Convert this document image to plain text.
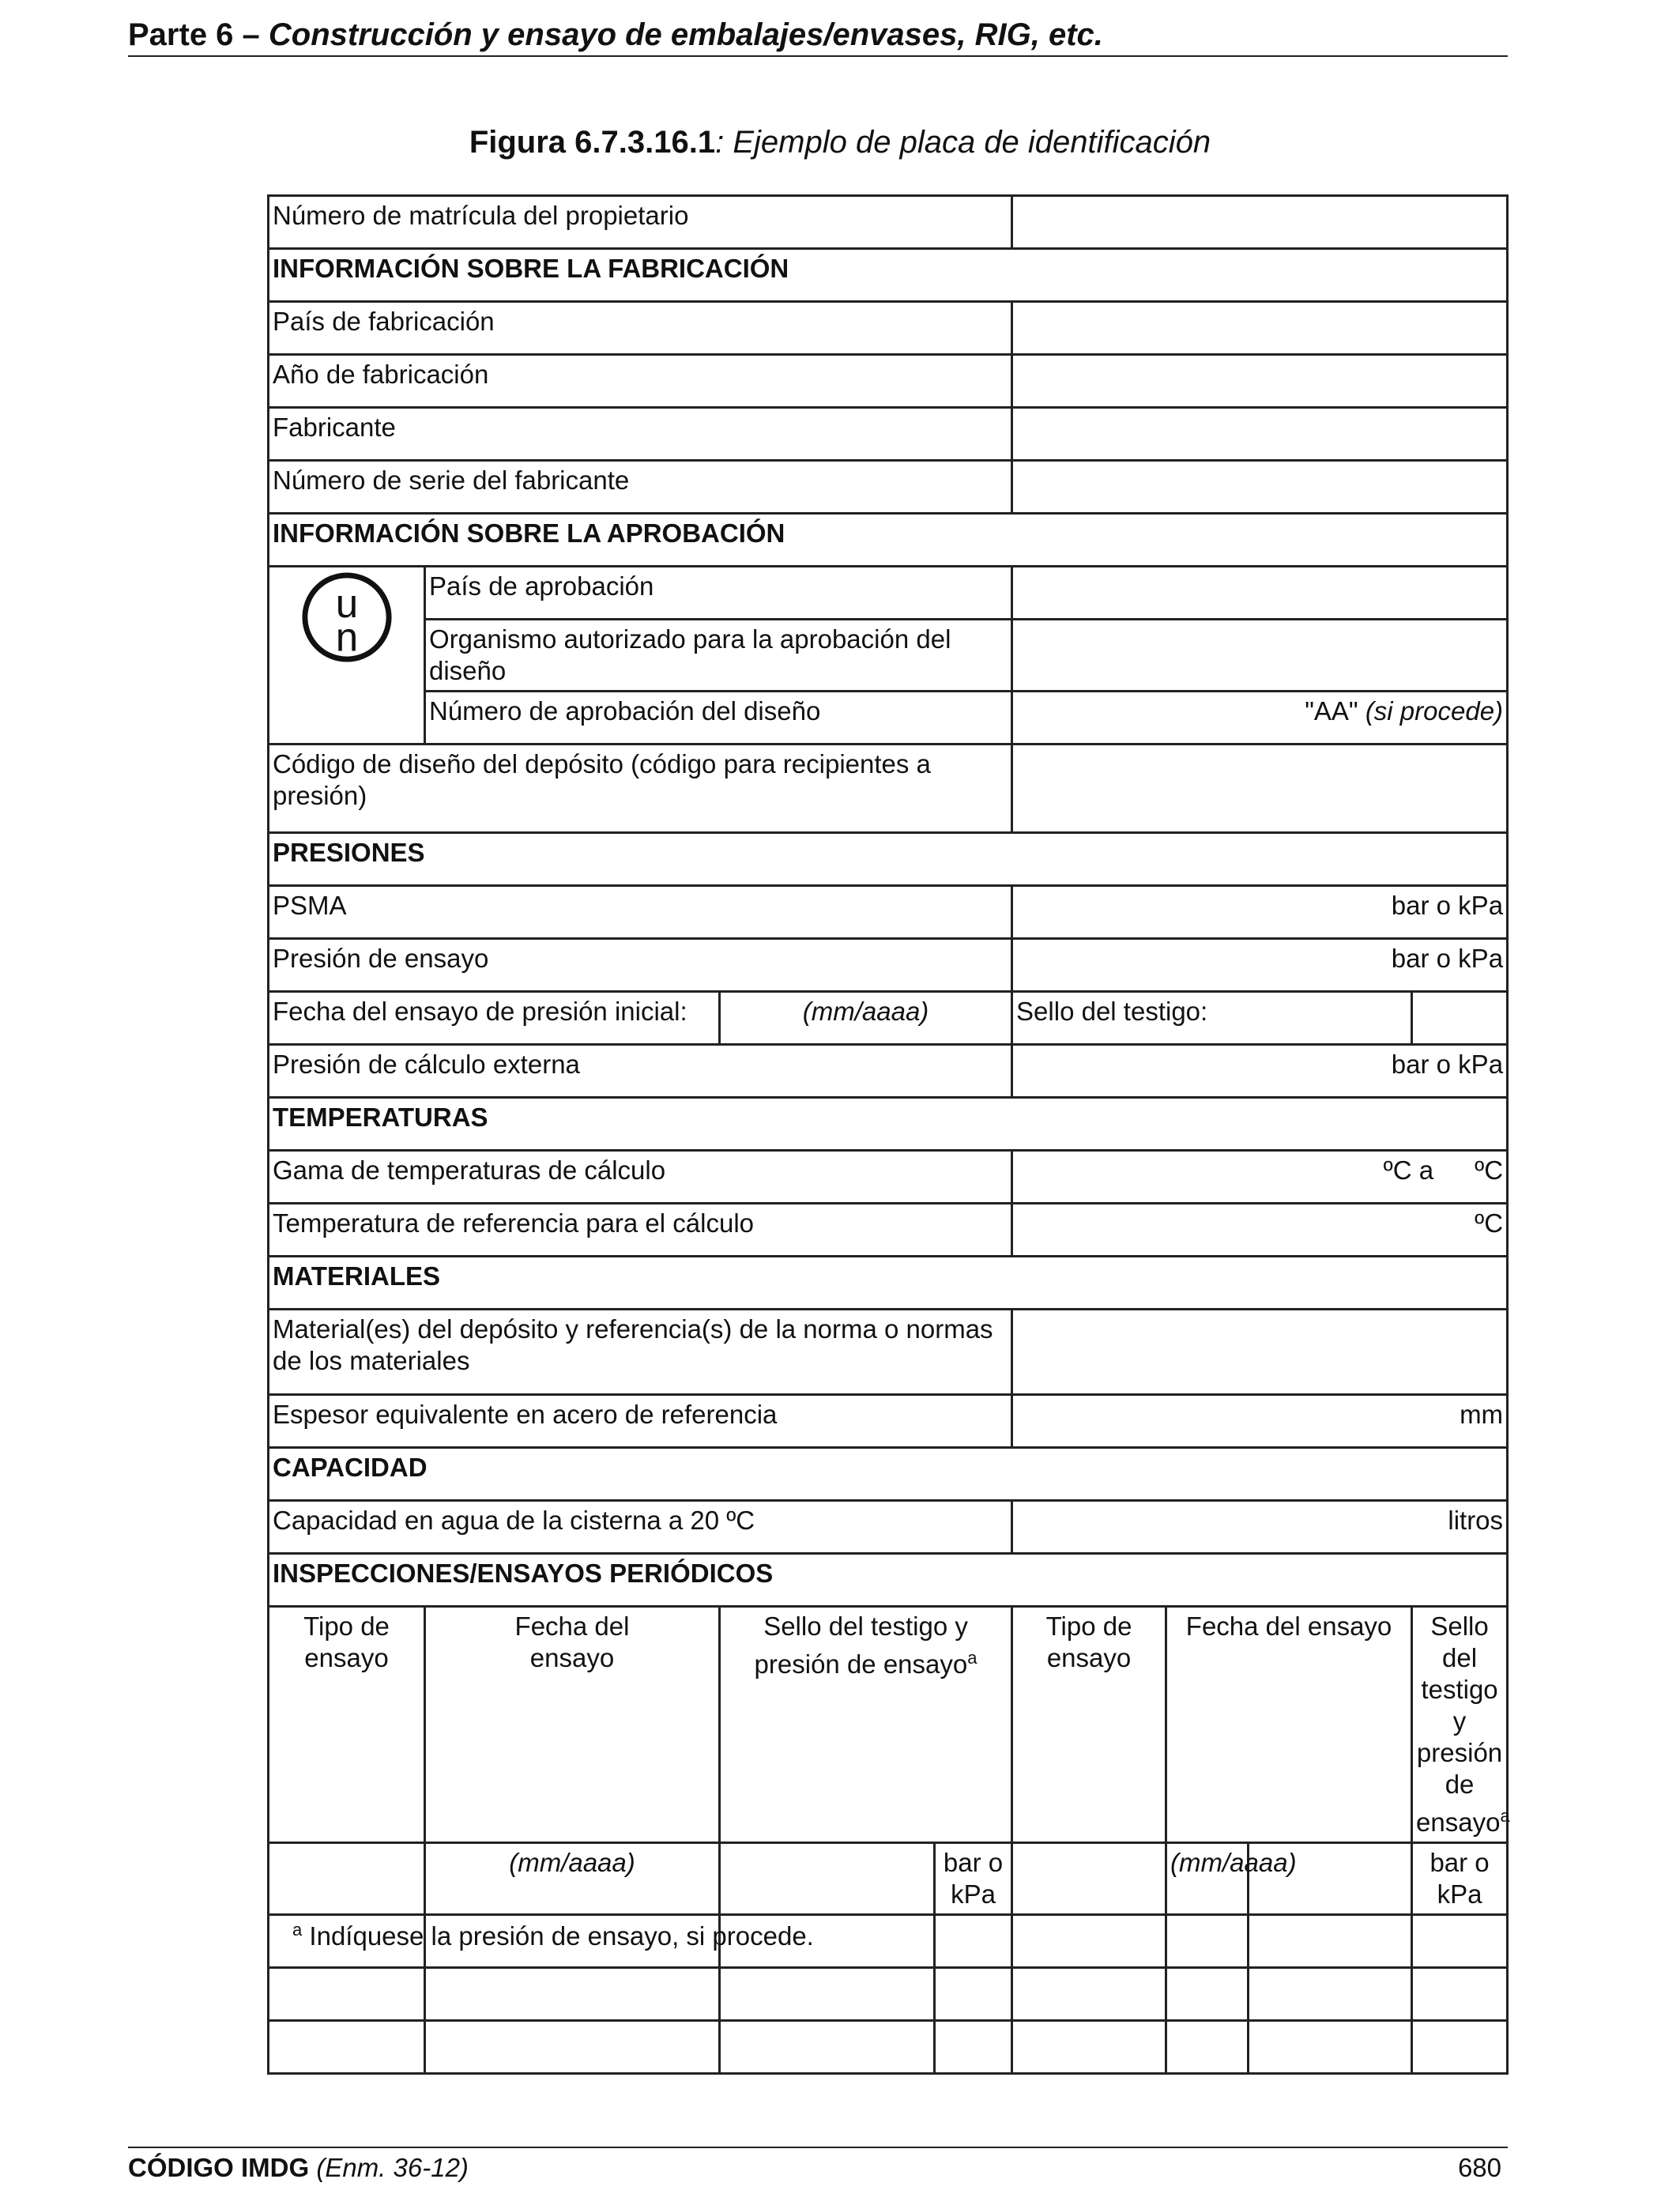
Parte 6 – Construcción y ensayo de embalajes/envases, RIG, etc.
Figura 6.7.3.16.1: Ejemplo de placa de identificación
Número de matrícula del propietario							
INFORMACIÓN SOBRE LA FABRICACIÓN							
País de fabricación							
Año de fabricación							
Fabricante							
Número de serie del fabricante							
INFORMACIÓN SOBRE LA APROBACIÓN							

u
n	País de aprobación						
	Organismo autorizado para la aprobación del diseño						
	Número de aprobación del diseño			"AA" (si procede)			
Código de diseño del depósito (código para recipientes a presión)							
PRESIONES							
PSMA				bar o kPa			
Presión de ensayo				bar o kPa			
Fecha del ensayo de presión inicial:		(mm/aaaa)		Sello del testigo:			
Presión de cálculo externa				bar o kPa			
TEMPERATURAS							
Gama de temperaturas de cálculo				ºC a ºC			
Temperatura de referencia para el cálculo				ºC			
MATERIALES							
Material(es) del depósito y referencia(s) de la norma o normas de los materiales							
Espesor equivalente en acero de referencia				mm			
CAPACIDAD							
Capacidad en agua de la cisterna a 20 ºC				litros			
INSPECCIONES/ENSAYOS PERIÓDICOS							
Tipo de ensayo	Fecha del ensayo	Sello del testigo y presión de ensayo$^a$		Tipo de ensayo	Fecha del ensayo		Sello del testigo y presión de ensayo$^a$
	(mm/aaaa)		bar o kPa		(mm/aaaa)		bar o kPa

$^a$ Indíquese la presión de ensayo, si procede.
CÓDIGO IMDG (Enm. 36-12)	680
